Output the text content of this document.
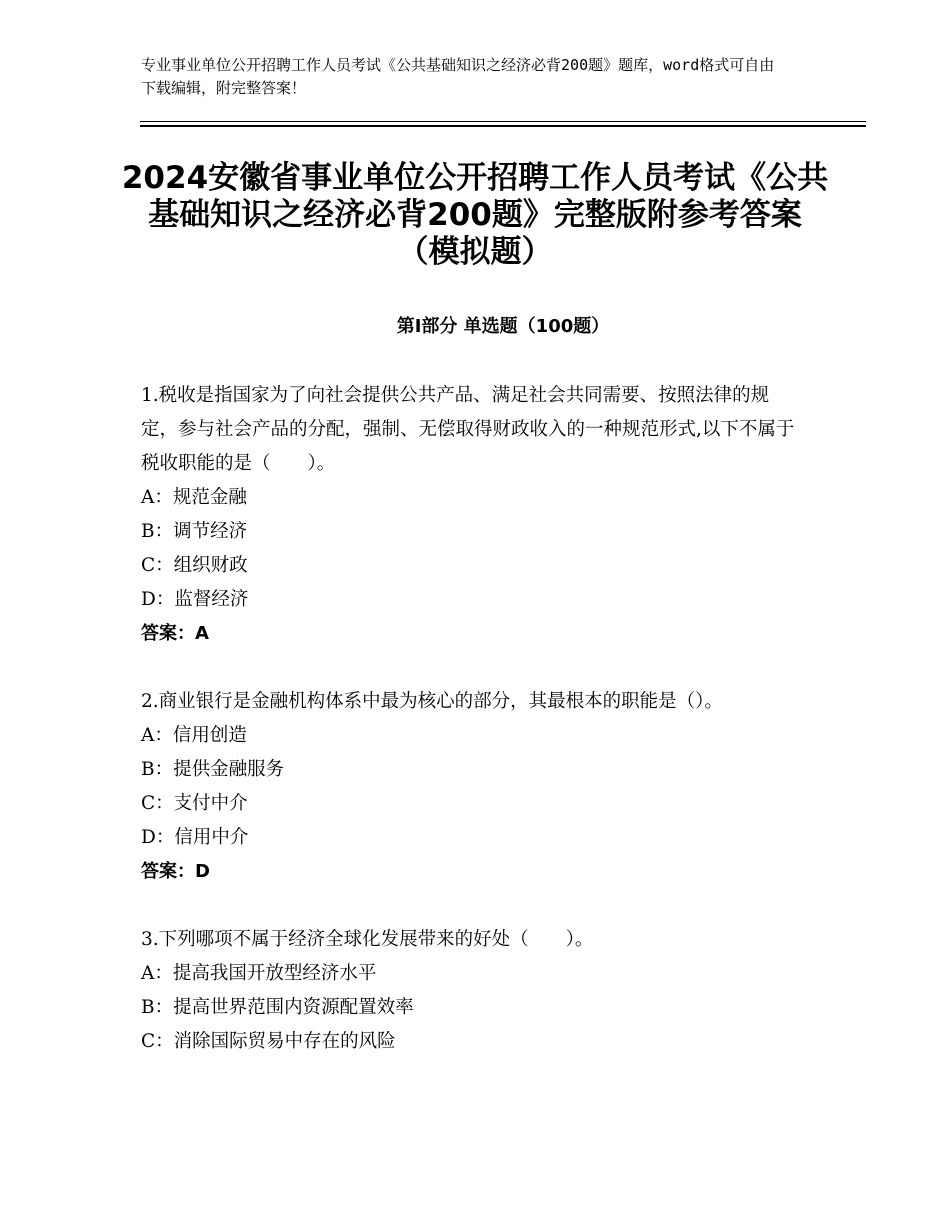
专业事业单位公开招聘工作人员考试《公共基础知识之经济必背200题》题库，word格式可自由下载编辑，附完整答案！
2024安徽省事业单位公开招聘工作人员考试《公共基础知识之经济必背200题》完整版附参考答案（模拟题）
第Ⅰ部分 单选题（100题）

1.税收是指国家为了向社会提供公共产品、满足社会共同需要、按照法律的规定，参与社会产品的分配，强制、无偿取得财政收入的一种规范形式,以下不属于税收职能的是（　　）。

A：规范金融

B：调节经济

C：组织财政

D：监督经济

答案：A

2.商业银行是金融机构体系中最为核心的部分，其最根本的职能是（）。

A：信用创造

B：提供金融服务

C：支付中介

D：信用中介

答案：D

3.下列哪项不属于经济全球化发展带来的好处（　　）。

A：提高我国开放型经济水平

B：提高世界范围内资源配置效率

C：消除国际贸易中存在的风险
